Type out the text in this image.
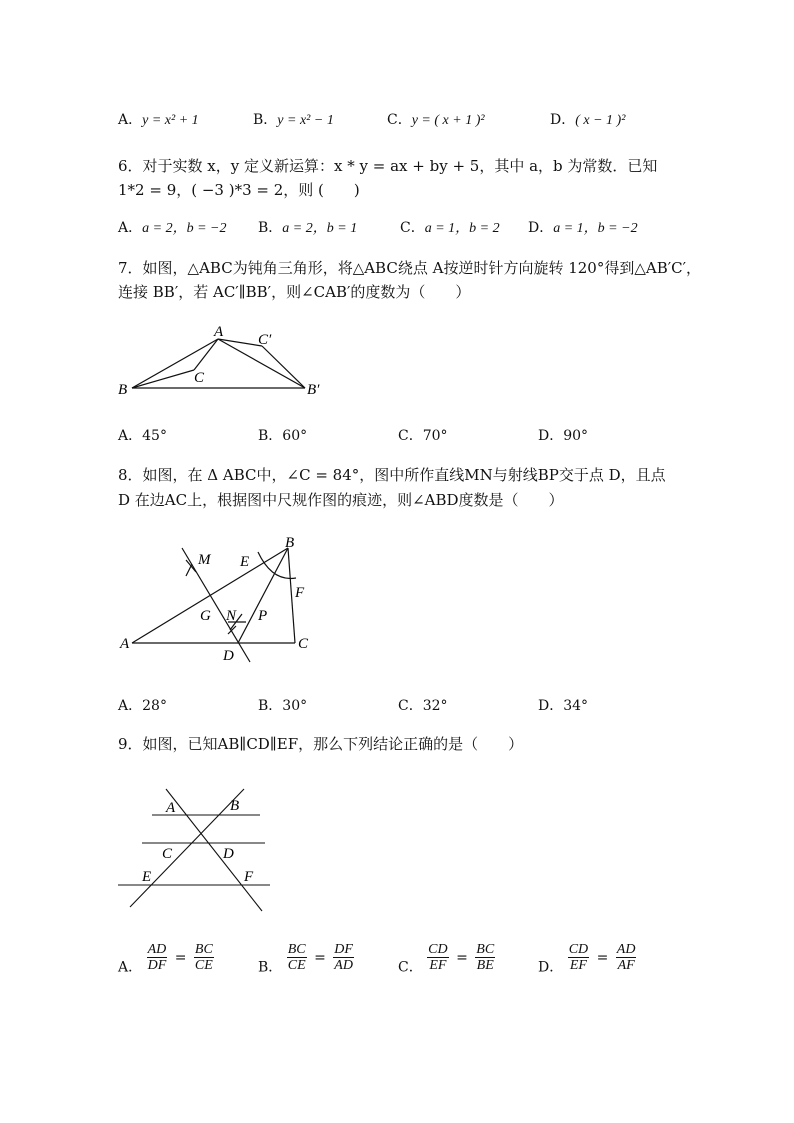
A．y = x² + 1	B．y = x² − 1	C．y = ( x + 1 )²	D．( x − 1 )²
6．对于实数 x，y 定义新运算：x * y = ax + by + 5，其中 a，b 为常数．已知
1*2 = 9，( −3 )*3 = 2，则 (　　)
A．a = 2，b = −2 B．a = 2，b = 1	C．a = 1，b = 2 D．a = 1，b = −2
7．如图，△ABC为钝角三角形，将△ABC绕点 A按逆时针方向旋转 120°得到△AB′C′，
连接 BB′，若 AC′∥BB′，则∠CAB′的度数为（　　）
A
B
C
C′
B′
A．45°	B．60°	C．70°	D．90°
8．如图，在 Δ ABC中，∠C = 84°，图中所作直线MN与射线BP交于点 D，且点
D 在边AC上，根据图中尺规作图的痕迹，则∠ABD度数是（　　）
M E
B
F
G N P
A	C
D
A．28°	B．30°	C．32°	D．34°
9．如图，已知AB∥CD∥EF，那么下列结论正确的是（　　）
A	B
C	D
E	F
A． $\frac{AD}{DF} = \frac{BC}{CE}$	B． $\frac{BC}{CE} = \frac{DF}{AD}$	C． $\frac{CD}{EF} = \frac{BC}{BE}$	D． $\frac{CD}{EF} = \frac{AD}{AF}$
